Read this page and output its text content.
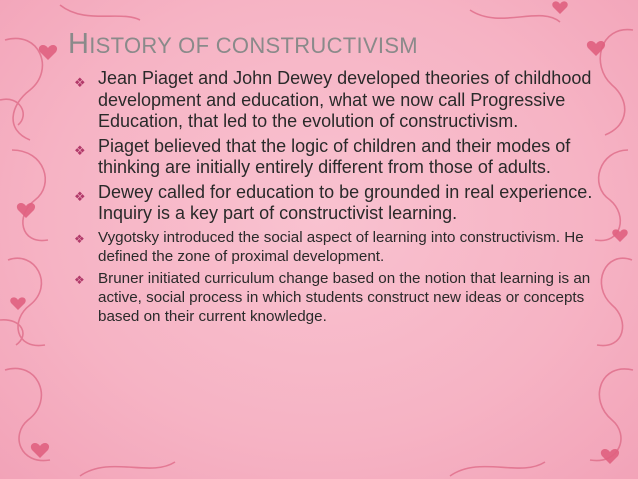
HISTORY OF CONSTRUCTIVISM
❖ Jean Piaget and John Dewey developed theories of childhood development and education, what we now call Progressive Education, that led to the evolution of constructivism.
❖ Piaget believed that the logic of children and their modes of thinking are initially entirely different from those of adults.
❖ Dewey called for education to be grounded in real experience. Inquiry is a key part of constructivist learning.
❖ Vygotsky introduced the social aspect of learning into constructivism. He defined the zone of proximal development.
❖ Bruner initiated curriculum change based on the notion that learning is an active, social process in which students construct new ideas or concepts based on their current knowledge.
